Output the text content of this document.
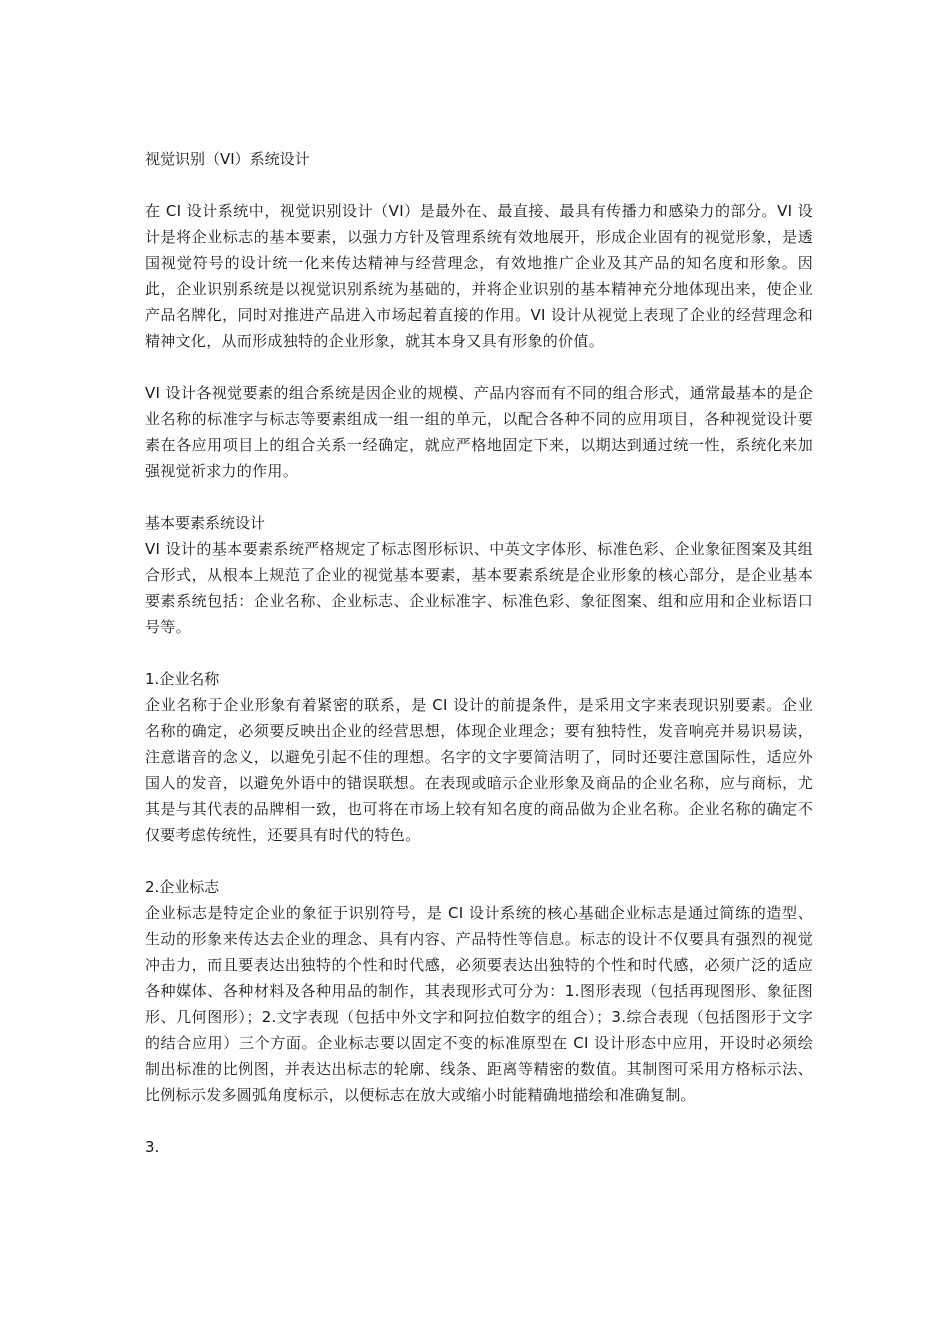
视觉识别（VI）系统设计

在 CI 设计系统中，视觉识别设计（VI）是最外在、最直接、最具有传播力和感染力的部分。VI 设计是将企业标志的基本要素，以强力方针及管理系统有效地展开，形成企业固有的视觉形象，是透国视觉符号的设计统一化来传达精神与经营理念，有效地推广企业及其产品的知名度和形象。因此，企业识别系统是以视觉识别系统为基础的，并将企业识别的基本精神充分地体现出来，使企业产品名牌化，同时对推进产品进入市场起着直接的作用。VI 设计从视觉上表现了企业的经营理念和精神文化，从而形成独特的企业形象，就其本身又具有形象的价值。

VI 设计各视觉要素的组合系统是因企业的规模、产品内容而有不同的组合形式，通常最基本的是企业名称的标准字与标志等要素组成一组一组的单元，以配合各种不同的应用项目，各种视觉设计要素在各应用项目上的组合关系一经确定，就应严格地固定下来，以期达到通过统一性，系统化来加强视觉祈求力的作用。

基本要素系统设计

VI 设计的基本要素系统严格规定了标志图形标识、中英文字体形、标准色彩、企业象征图案及其组合形式，从根本上规范了企业的视觉基本要素，基本要素系统是企业形象的核心部分，是企业基本要素系统包括：企业名称、企业标志、企业标准字、标准色彩、象征图案、组和应用和企业标语口号等。

1.企业名称

企业名称于企业形象有着紧密的联系，是 CI 设计的前提条件，是采用文字来表现识别要素。企业名称的确定，必须要反映出企业的经营思想，体现企业理念；要有独特性，发音响亮并易识易读，注意谐音的念义，以避免引起不佳的理想。名字的文字要简洁明了，同时还要注意国际性，适应外国人的发音，以避免外语中的错误联想。在表现或暗示企业形象及商品的企业名称，应与商标，尤其是与其代表的品牌相一致，也可将在市场上较有知名度的商品做为企业名称。企业名称的确定不仅要考虑传统性，还要具有时代的特色。

2.企业标志

企业标志是特定企业的象征于识别符号，是 CI 设计系统的核心基础企业标志是通过简练的造型、生动的形象来传达去企业的理念、具有内容、产品特性等信息。标志的设计不仅要具有强烈的视觉冲击力，而且要表达出独特的个性和时代感，必须要表达出独特的个性和时代感，必须广泛的适应各种媒体、各种材料及各种用品的制作，其表现形式可分为：1.图形表现（包括再现图形、象征图形、几何图形）；2.文字表现（包括中外文字和阿拉伯数字的组合）；3.综合表现（包括图形于文字的结合应用）三个方面。企业标志要以固定不变的标准原型在 CI 设计形态中应用，开设时必须绘制出标准的比例图，并表达出标志的轮廓、线条、距离等精密的数值。其制图可采用方格标示法、比例标示发多圆弧角度标示，以便标志在放大或缩小时能精确地描绘和准确复制。

3.
